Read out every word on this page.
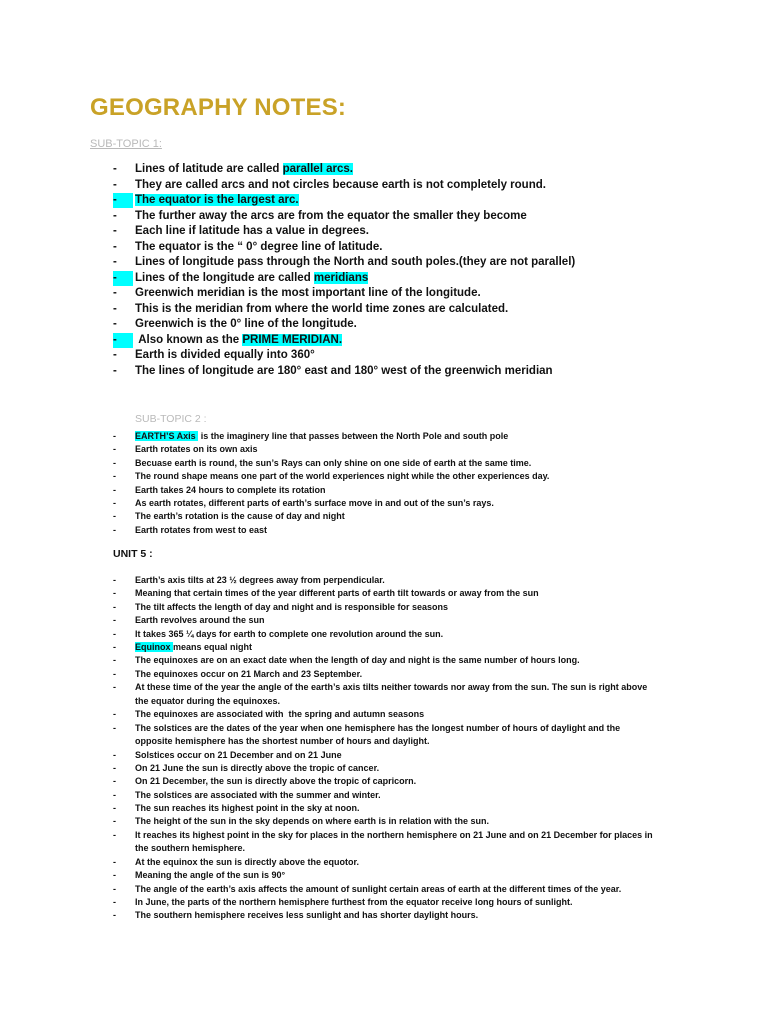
GEOGRAPHY NOTES:
SUB-TOPIC 1:
- Lines of latitude are called parallel arcs.
- They are called arcs and not circles because earth is not completely round.
-	The equator is the largest arc.
- The further away the arcs are from the equator the smaller they become
- Each line if latitude has a value in degrees.
- The equator is the “ 0° degree line of latitude.
- Lines of longitude pass through the North and south poles.(they are not parallel)
-	Lines of the longitude are called meridians
- Greenwich meridian is the most important line of the longitude.
- This is the meridian from where the world time zones are calculated.
- Greenwich is the 0° line of the longitude.
-	Also known as the PRIME MERIDIAN.
- Earth is divided equally into 360°
- The lines of longitude are 180° east and 180° west of the greenwich meridian
SUB-TOPIC 2 :
- EARTH’S Axis  is the imaginery line that passes between the North Pole and south pole
- Earth rotates on its own axis
- Becuase earth is round, the sun’s Rays can only shine on one side of earth at the same time.
- The round shape means one part of the world experiences night while the other experiences day.
- Earth takes 24 hours to complete its rotation
- As earth rotates, different parts of earth’s surface move in and out of the sun’s rays.
- The earth’s rotation is the cause of day and night
- Earth rotates from west to east
UNIT 5 :
- Earth’s axis tilts at 23 ½ degrees away from perpendicular.
- Meaning that certain times of the year different parts of earth tilt towards or away from the sun
- The tilt affects the length of day and night and is responsible for seasons
- Earth revolves around the sun
- It takes 365 ¼ days for earth to complete one revolution around the sun.
- Equinox means equal night
- The equinoxes are on an exact date when the length of day and night is the same number of hours long.
- The equinoxes occur on 21 March and 23 September.
- At these time of the year the angle of the earth’s axis tilts neither towards nor away from the sun. The sun is right above the equator during the equinoxes.
- The equinoxes are associated with  the spring and autumn seasons
- The solstices are the dates of the year when one hemisphere has the longest number of hours of daylight and the opposite hemisphere has the shortest number of hours and daylight.
- Solstices occur on 21 December and on 21 June
- On 21 June the sun is directly above the tropic of cancer.
- On 21 December, the sun is directly above the tropic of capricorn.
- The solstices are associated with the summer and winter.
- The sun reaches its highest point in the sky at noon.
- The height of the sun in the sky depends on where earth is in relation with the sun.
- It reaches its highest point in the sky for places in the northern hemisphere on 21 June and on 21 December for places in the southern hemisphere.
- At the equinox the sun is directly above the equotor.
- Meaning the angle of the sun is 90°
- The angle of the earth’s axis affects the amount of sunlight certain areas of earth at the different times of the year.
- In June, the parts of the northern hemisphere furthest from the equator receive long hours of sunlight.
- The southern hemisphere receives less sunlight and has shorter daylight hours.
